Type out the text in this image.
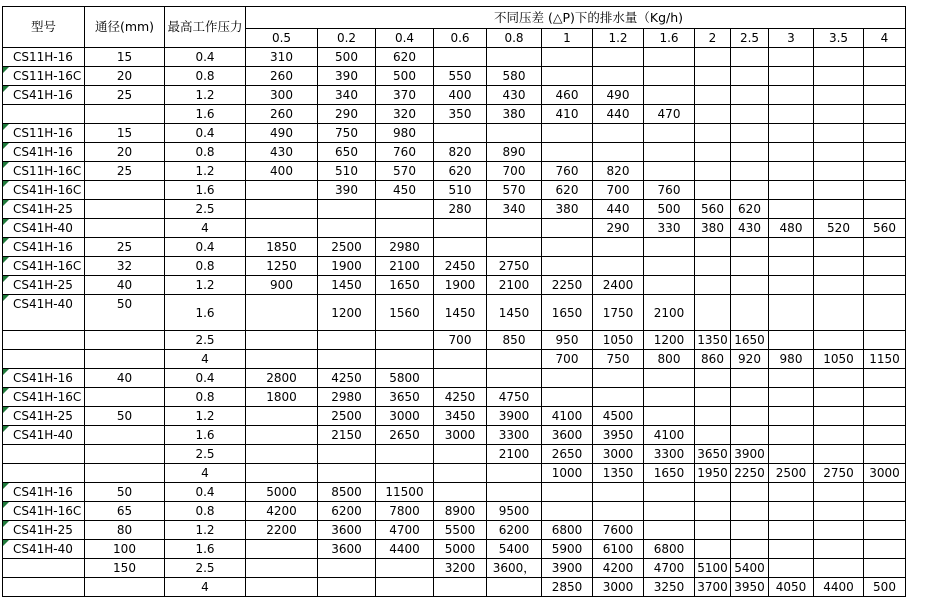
型号	通径(mm)	最高工作压力	不同压差 (△P)下的排水量（Kg/h)												
			0.5	0.2	0.4	0.6	0.8	1	1.2	1.6	2	2.5	3	3.5	4
CS11H-16	15	0.4	310	500	620										
CS11H-16C	20	0.8	260	390	500	550	580								
CS41H-16	25	1.2	300	340	370	400	430	460	490						
		1.6	260	290	320	350	380	410	440	470					
CS11H-16	15	0.4	490	750	980										
CS41H-16	20	0.8	430	650	760	820	890								
CS11H-16C	25	1.2	400	510	570	620	700	760	820						
CS41H-16C		1.6		390	450	510	570	620	700	760					
CS41H-25		2.5				280	340	380	440	500	560	620			
CS41H-40		4							290	330	380	430	480	520	560
CS41H-16	25	0.4	1850	2500	2980										
CS41H-16C	32	0.8	1250	1900	2100	2450	2750								
CS41H-25	40	1.2	900	1450	1650	1900	2100	2250	2400						
CS41H-40	50	1.6		1200	1560	1450	1450	1650	1750	2100					
		2.5				700	850	950	1050	1200	1350	1650			
		4						700	750	800	860	920	980	1050	1150
CS41H-16	40	0.4	2800	4250	5800										
CS41H-16C		0.8	1800	2980	3650	4250	4750								
CS41H-25	50	1.2		2500	3000	3450	3900	4100	4500						
CS41H-40		1.6		2150	2650	3000	3300	3600	3950	4100					
		2.5					2100	2650	3000	3300	3650	3900			
		4						1000	1350	1650	1950	2250	2500	2750	3000
CS41H-16	50	0.4	5000	8500	11500										
CS41H-16C	65	0.8	4200	6200	7800	8900	9500								
CS41H-25	80	1.2	2200	3600	4700	5500	6200	6800	7600						
CS41H-40	100	1.6		3600	4400	5000	5400	5900	6100	6800					
	150	2.5				3200	3600，	3900	4200	4700	5100	5400			
		4						2850	3000	3250	3700	3950	4050	4400	500
